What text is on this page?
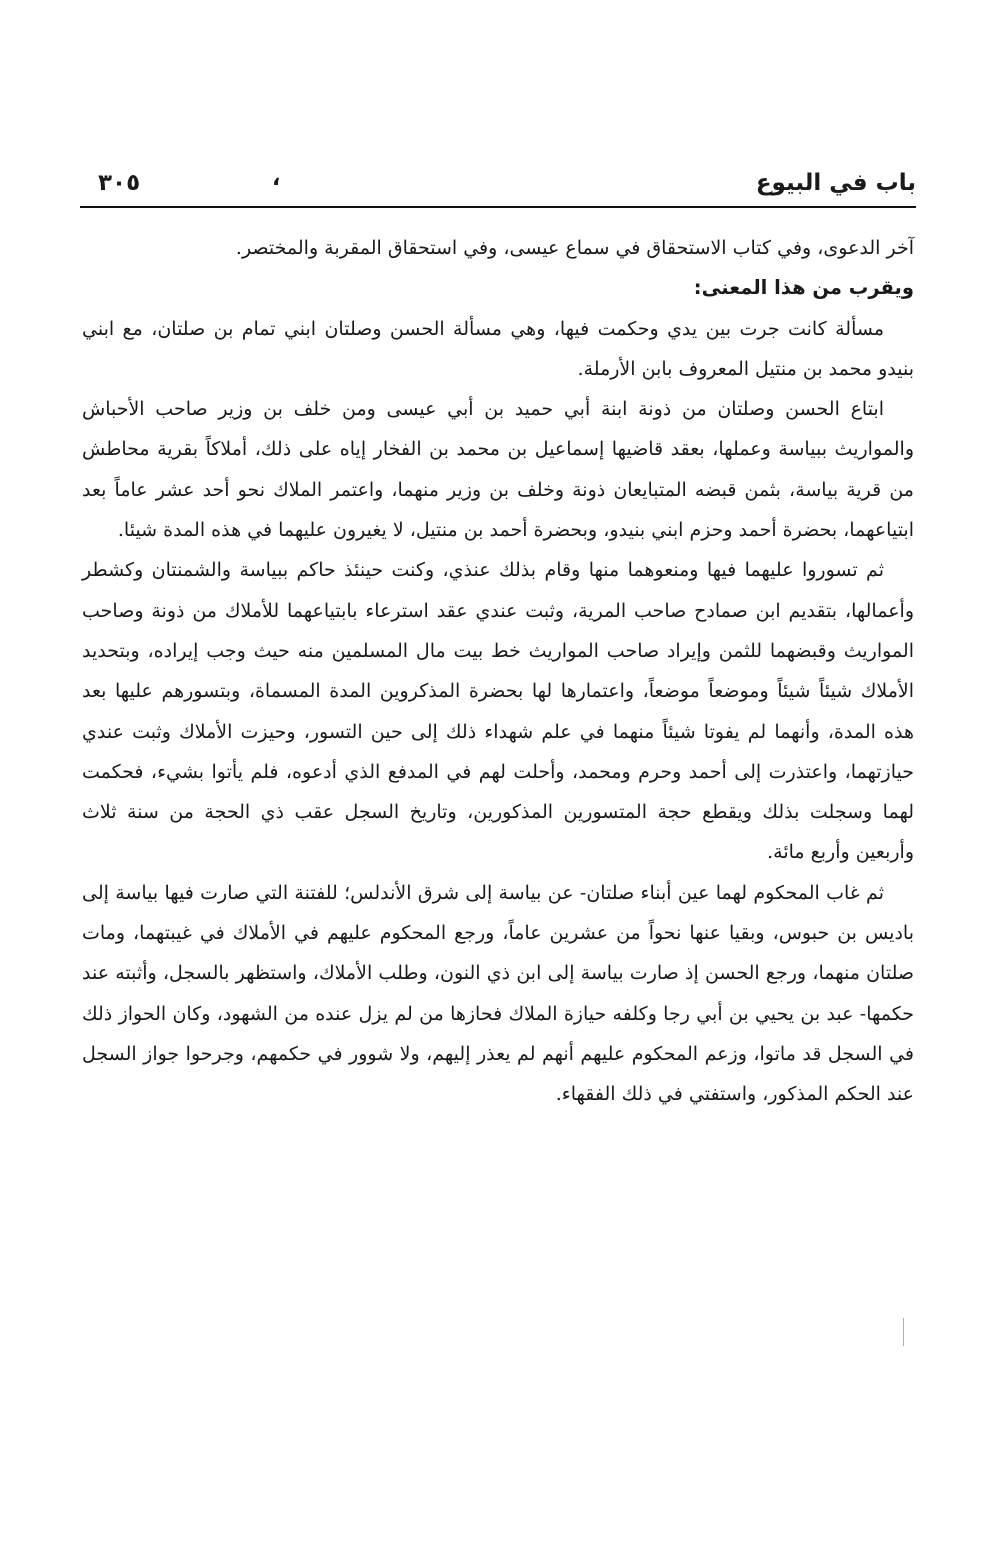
باب في البيوع
،
٣٠٥

آخر الدعوى، وفي كتاب الاستحقاق في سماع عيسى، وفي استحقاق المقربة والمختصر.

ويقرب من هذا المعنى:

مسألة كانت جرت بين يدي وحكمت فيها، وهي مسألة الحسن وصلتان ابني تمام بن صلتان، مع ابني بنيدو محمد بن منتيل المعروف بابن الأرملة.

ابتاع الحسن وصلتان من ذونة ابنة أبي حميد بن أبي عيسى ومن خلف بن وزير صاحب الأحباش والمواريث ببياسة وعملها، بعقد قاضيها إسماعيل بن محمد بن الفخار إياه على ذلك، أملاكاً بقرية محاطش من قرية بياسة، بثمن قبضه المتبايعان ذونة وخلف بن وزير منهما، واعتمر الملاك نحو أحد عشر عاماً بعد ابتياعهما، بحضرة أحمد وحزم ابني بنيدو، وبحضرة أحمد بن منتيل، لا يغيرون عليهما في هذه المدة شيئا.

ثم تسوروا عليهما فيها ومنعوهما منها وقام بذلك عنذي، وكنت حينئذ حاكم ببياسة والشمنتان وكشطر وأعمالها، بتقديم ابن صمادح صاحب المرية، وثبت عندي عقد استرعاء بابتياعهما للأملاك من ذونة وصاحب المواريث وقبضهما للثمن وإيراد صاحب المواريث خط بيت مال المسلمين منه حيث وجب إيراده، وبتحديد الأملاك شيئاً شيئاً وموضعاً موضعاً، واعتمارها لها بحضرة المذكروين المدة المسماة، وبتسورهم عليها بعد هذه المدة، وأنهما لم يفوتا شيئاً منهما في علم شهداء ذلك إلى حين التسور، وحيزت الأملاك وثبت عندي حيازتهما، واعتذرت إلى أحمد وحرم ومحمد، وأحلت لهم في المدفع الذي أدعوه، فلم يأتوا بشيء، فحكمت لهما وسجلت بذلك ويقطع حجة المتسورين المذكورين، وتاريخ السجل عقب ذي الحجة من سنة ثلاث وأربعين وأربع مائة.

ثم غاب المحكوم لهما عين أبناء صلتان- عن بياسة إلى شرق الأندلس؛ للفتنة التي صارت فيها بياسة إلى باديس بن حبوس، وبقيا عنها نحواً من عشرين عاماً، ورجع المحكوم عليهم في الأملاك في غيبتهما، ومات صلتان منهما، ورجع الحسن إذ صارت بياسة إلى ابن ذي النون، وطلب الأملاك، واستظهر بالسجل، وأثبته عند حكمها- عبد بن يحيي بن أبي رجا وكلفه حيازة الملاك فحازها من لم يزل عنده من الشهود، وكان الحواز ذلك في السجل قد ماتوا، وزعم المحكوم عليهم أنهم لم يعذر إليهم، ولا شوور في حكمهم، وجرحوا جواز السجل عند الحكم المذكور، واستفتي في ذلك الفقهاء.
